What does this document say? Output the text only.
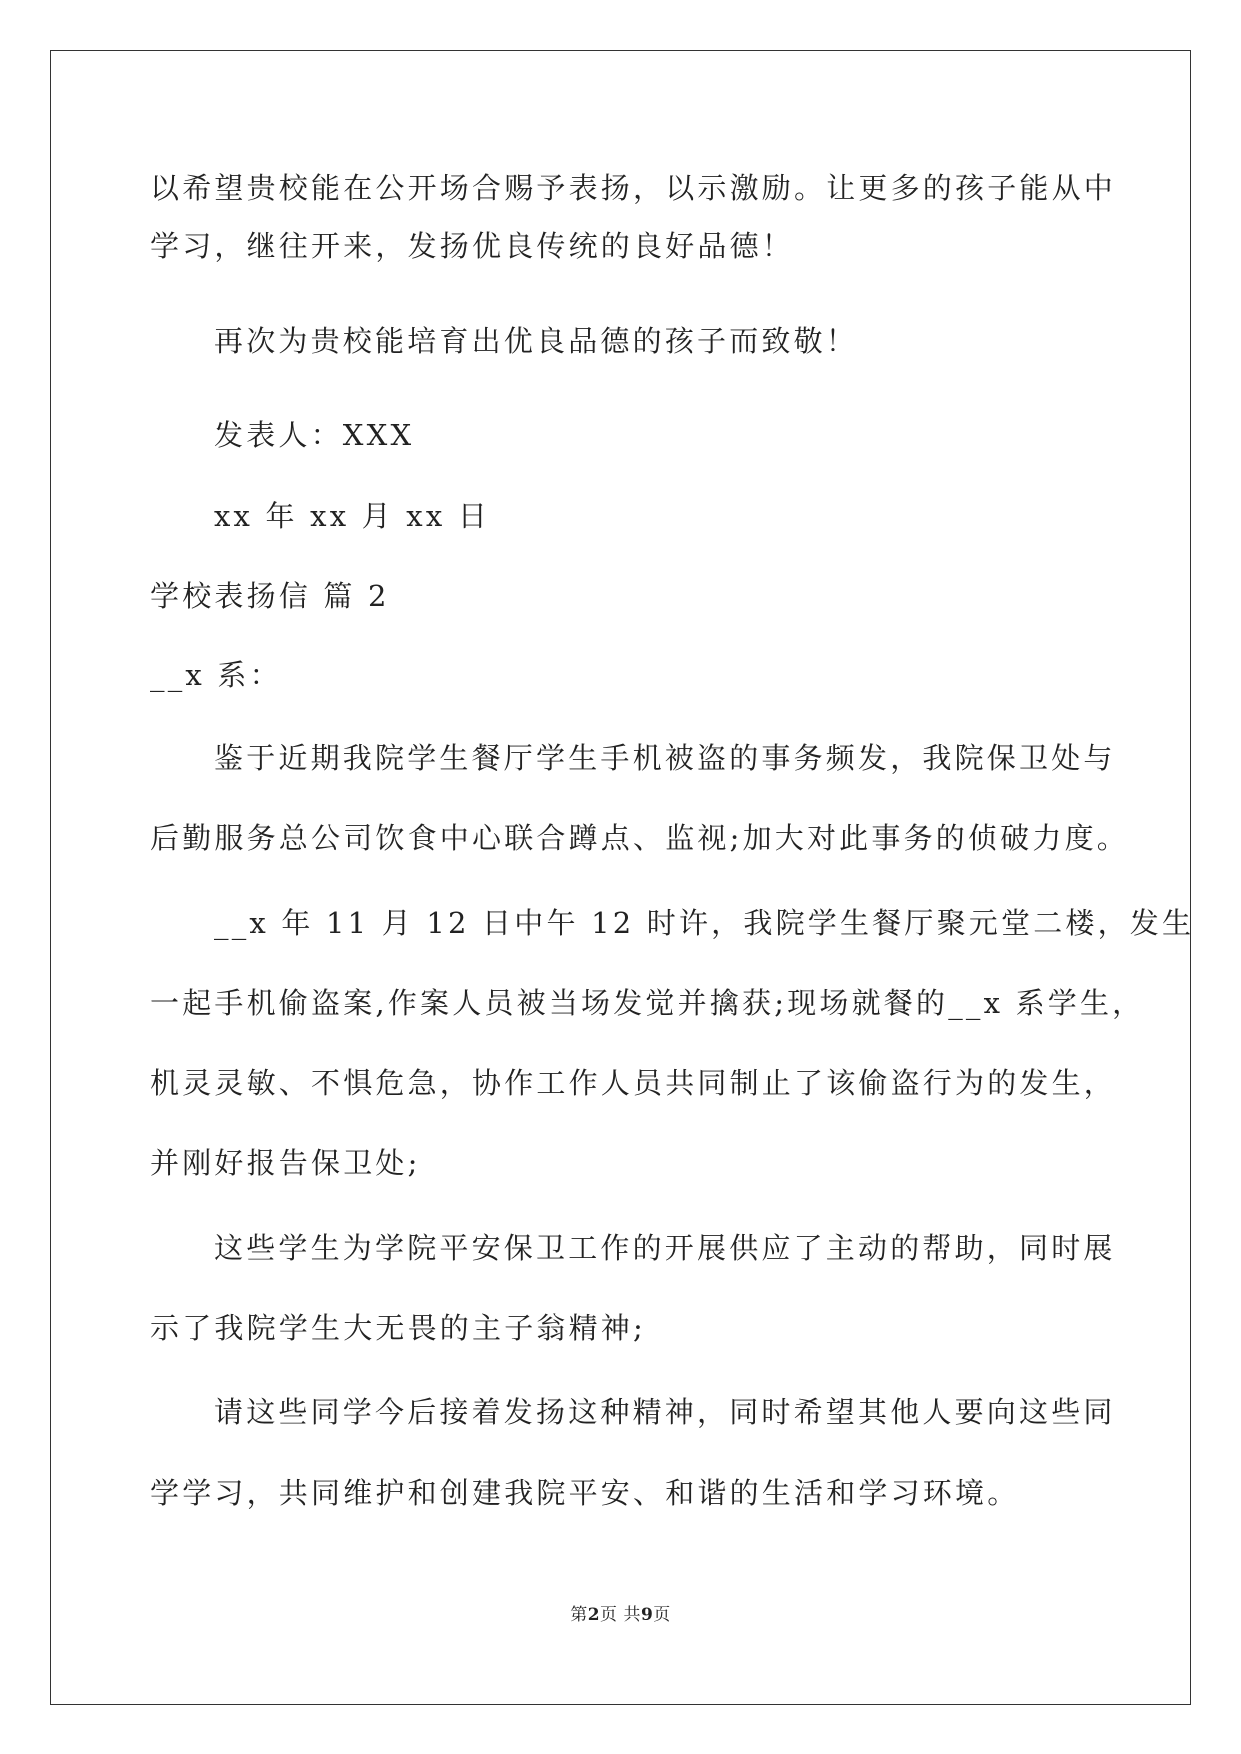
以希望贵校能在公开场合赐予表扬，以示激励。让更多的孩子能从中
学习，继往开来，发扬优良传统的良好品德！
再次为贵校能培育出优良品德的孩子而致敬！
发表人：XXX
xx 年 xx 月 xx 日
学校表扬信 篇 2
__x 系：
鉴于近期我院学生餐厅学生手机被盗的事务频发，我院保卫处与
后勤服务总公司饮食中心联合蹲点、监视;加大对此事务的侦破力度。
__x 年 11 月 12 日中午 12 时许，我院学生餐厅聚元堂二楼，发生
一起手机偷盗案,作案人员被当场发觉并擒获;现场就餐的__x 系学生，
机灵灵敏、不惧危急，协作工作人员共同制止了该偷盗行为的发生，
并刚好报告保卫处;
这些学生为学院平安保卫工作的开展供应了主动的帮助，同时展
示了我院学生大无畏的主子翁精神;
请这些同学今后接着发扬这种精神，同时希望其他人要向这些同
学学习，共同维护和创建我院平安、和谐的生活和学习环境。
第2页 共9页
